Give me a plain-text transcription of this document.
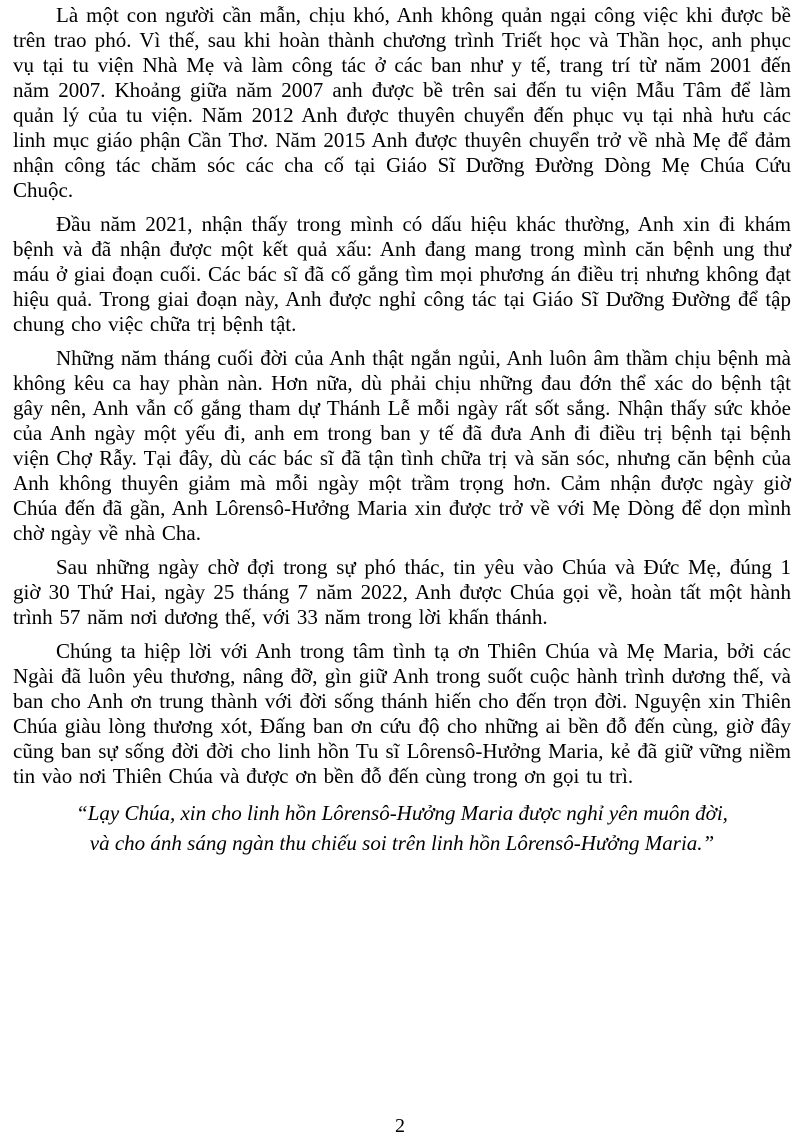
Là một con người cần mẫn, chịu khó, Anh không quản ngại công việc khi được bề trên trao phó. Vì thế, sau khi hoàn thành chương trình Triết học và Thần học, anh phục vụ tại tu viện Nhà Mẹ và làm công tác ở các ban như y tế, trang trí từ năm 2001 đến năm 2007. Khoảng giữa năm 2007 anh được bề trên sai đến tu viện Mẫu Tâm để làm quản lý của tu viện. Năm 2012 Anh được thuyên chuyển đến phục vụ tại nhà hưu các linh mục giáo phận Cần Thơ. Năm 2015 Anh được thuyên chuyển trở về nhà Mẹ để đảm nhận công tác chăm sóc các cha cố tại Giáo Sĩ Dưỡng Đường Dòng Mẹ Chúa Cứu Chuộc.

Đầu năm 2021, nhận thấy trong mình có dấu hiệu khác thường, Anh xin đi khám bệnh và đã nhận được một kết quả xấu: Anh đang mang trong mình căn bệnh ung thư máu ở giai đoạn cuối. Các bác sĩ đã cố gắng tìm mọi phương án điều trị nhưng không đạt hiệu quả. Trong giai đoạn này, Anh được nghỉ công tác tại Giáo Sĩ Dưỡng Đường để tập chung cho việc chữa trị bệnh tật.

Những năm tháng cuối đời của Anh thật ngắn ngủi, Anh luôn âm thầm chịu bệnh mà không kêu ca hay phàn nàn. Hơn nữa, dù phải chịu những đau đớn thể xác do bệnh tật gây nên, Anh vẫn cố gắng tham dự Thánh Lễ mỗi ngày rất sốt sắng. Nhận thấy sức khỏe của Anh ngày một yếu đi, anh em trong ban y tế đã đưa Anh đi điều trị bệnh tại bệnh viện Chợ Rẫy. Tại đây, dù các bác sĩ đã tận tình chữa trị và săn sóc, nhưng căn bệnh của Anh không thuyên giảm mà mỗi ngày một trầm trọng hơn. Cảm nhận được ngày giờ Chúa đến đã gần, Anh Lôrensô-Hưởng Maria xin được trở về với Mẹ Dòng để dọn mình chờ ngày về nhà Cha.

Sau những ngày chờ đợi trong sự phó thác, tin yêu vào Chúa và Đức Mẹ, đúng 1 giờ 30 Thứ Hai, ngày 25 tháng 7 năm 2022, Anh được Chúa gọi về, hoàn tất một hành trình 57 năm nơi dương thế, với 33 năm trong lời khấn thánh.

Chúng ta hiệp lời với Anh trong tâm tình tạ ơn Thiên Chúa và Mẹ Maria, bởi các Ngài đã luôn yêu thương, nâng đỡ, gìn giữ Anh trong suốt cuộc hành trình dương thế, và ban cho Anh ơn trung thành với đời sống thánh hiến cho đến trọn đời. Nguyện xin Thiên Chúa giàu lòng thương xót, Đấng ban ơn cứu độ cho những ai bền đỗ đến cùng, giờ đây cũng ban sự sống đời đời cho linh hồn Tu sĩ Lôrensô-Hưởng Maria, kẻ đã giữ vững niềm tin vào nơi Thiên Chúa và được ơn bền đỗ đến cùng trong ơn gọi tu trì.

“Lạy Chúa, xin cho linh hồn Lôrensô-Hưởng Maria được nghỉ yên muôn đời,
và cho ánh sáng ngàn thu chiếu soi trên linh hồn Lôrensô-Hưởng Maria.”
2
